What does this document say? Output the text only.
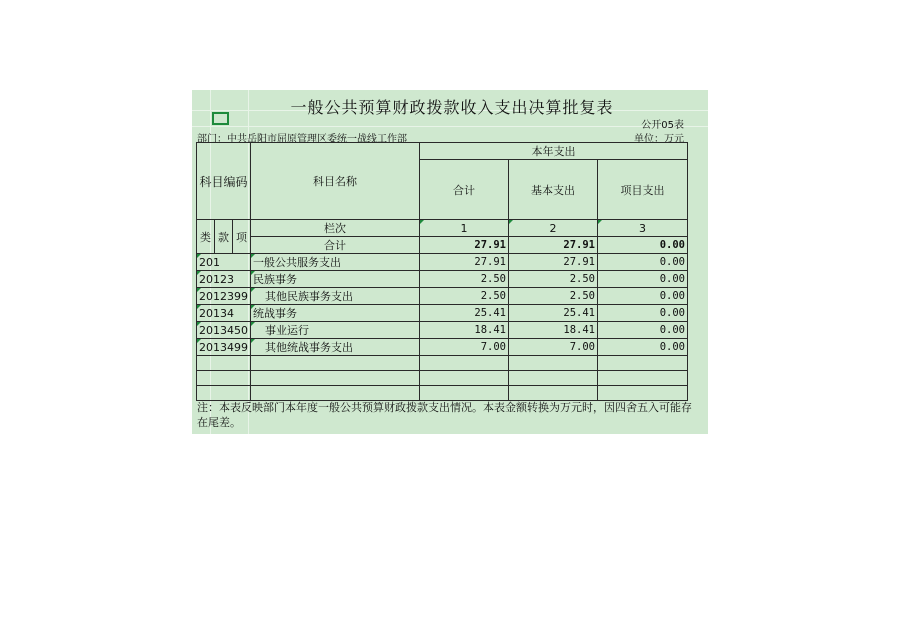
一般公共预算财政拨款收入支出决算批复表
公开05表
部门：中共岳阳市屈原管理区委统一战线工作部	单位：万元
科目编码			科目名称	本年支出		
				合计	基本支出	项目支出

类	款	项	栏次	1	2	3
			合计	27.91	27.91	0.00
201			一般公共服务支出	27.91	27.91	0.00
20123			民族事务	2.50	2.50	0.00
2012399			其他民族事务支出	2.50	2.50	0.00
20134			统战事务	25.41	25.41	0.00
2013450			事业运行	18.41	18.41	0.00
2013499			其他统战事务支出	7.00	7.00	0.00

注：本表反映部门本年度一般公共预算财政拨款支出情况。本表金额转换为万元时，因四舍五入可能存在尾差。
